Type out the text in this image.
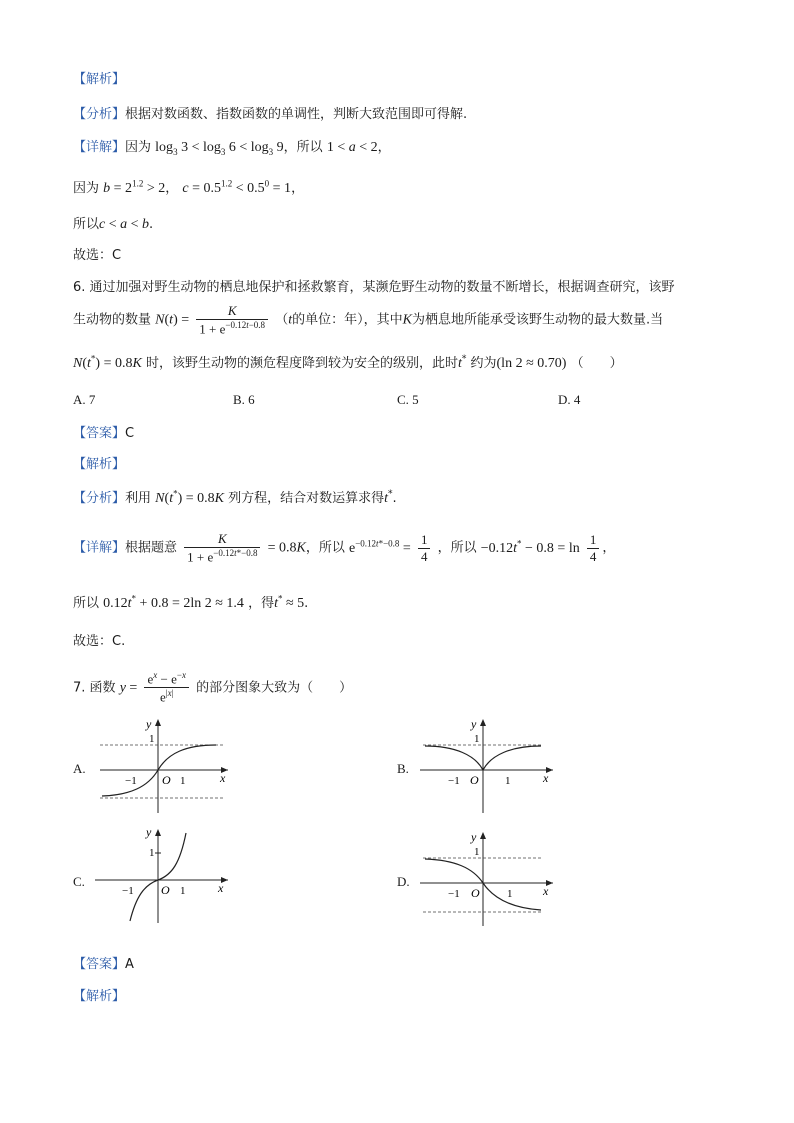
【解析】
【分析】根据对数函数、指数函数的单调性，判断大致范围即可得解.
【详解】因为 $\log_3 3 < \log_3 6 < \log_3 9$，所以 1 < a < 2，
因为 $b = 2^{1.2} > 2$， $c = 0.5^{1.2} < 0.5^0 = 1$，
所以c < a < b.
故选：C
6. 通过加强对野生动物的栖息地保护和拯救繁育，某濒危野生动物的数量不断增长，根据调查研究，该野
生动物的数量 $N(t) = \frac{K}{1 + e^{-0.12t-0.8}} (t$的单位：年），其中K为栖息地所能承受该野生动物的最大数量.当
N(t*) = 0.8K 时，该野生动物的濒危程度降到较为安全的级别，此时t* 约为(ln 2 ≈ 0.70) （　　）
A. 7	B. 6	C. 5	D. 4
【答案】C
【解析】
【分析】利用 N(t*) = 0.8K 列方程，结合对数运算求得t*.
【详解】根据题意 $\frac{K}{1 + e^{-0.12t*-0.8}} = 0.8K$，所以 $e^{-0.12t*-0.8} = \frac{1}{4}$ ，所以 $-0.12t^* - 0.8 = \ln \frac{1}{4}$ ，
所以 0.12t* + 0.8 = 2ln 2 ≈ 1.4 ，得t* ≈ 5.
故选：C.
7. 函数 $y = \frac{e^x - e^{-x}}{e^{|x|}}$ 的部分图象大致为（　　）
A.
y
1
−1 O 1	x
B.
y
1
−1 O 1	x
C.
y
1
−1 O 1	x	D.
y
1
−1 O 1	x
【答案】A
【解析】
